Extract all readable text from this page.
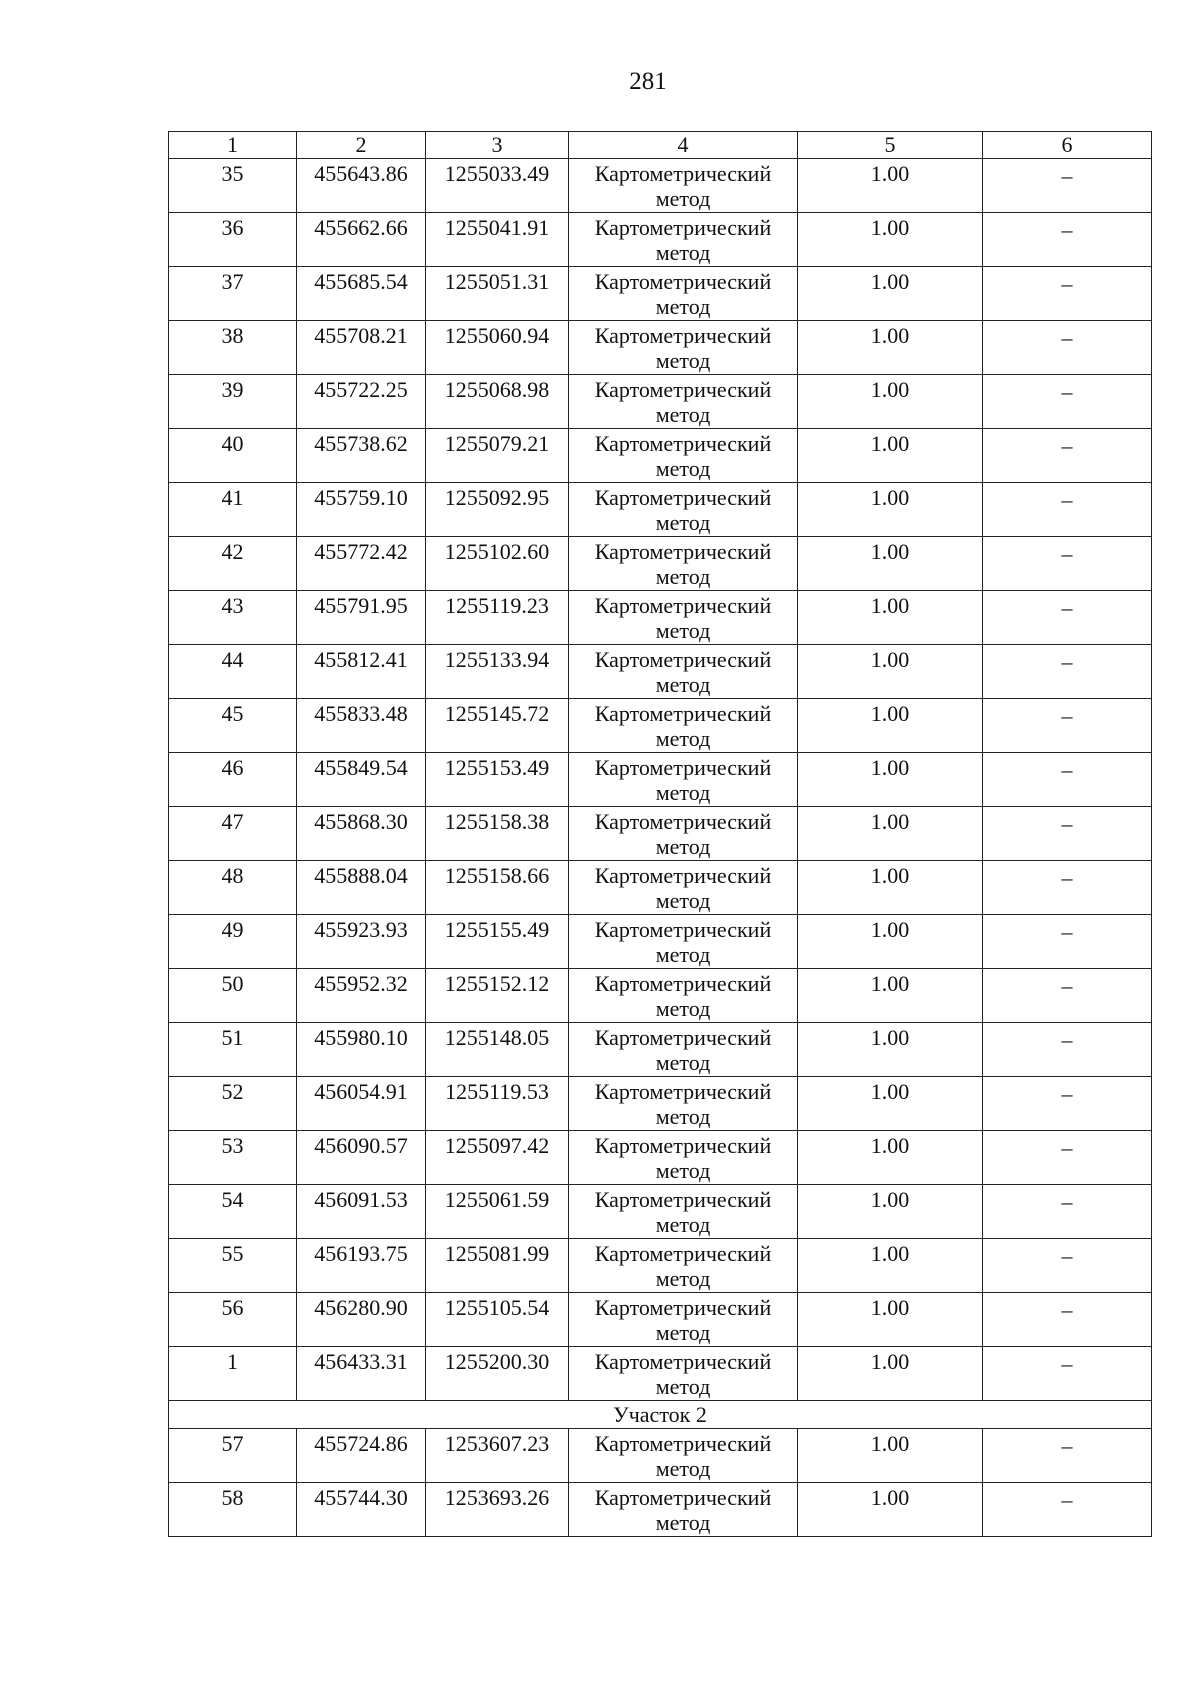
281
1	2	3	4	5	6
35	455643.86	1255033.49	Картометрический метод	1.00	–
36	455662.66	1255041.91	Картометрический метод	1.00	–
37	455685.54	1255051.31	Картометрический метод	1.00	–
38	455708.21	1255060.94	Картометрический метод	1.00	–
39	455722.25	1255068.98	Картометрический метод	1.00	–
40	455738.62	1255079.21	Картометрический метод	1.00	–
41	455759.10	1255092.95	Картометрический метод	1.00	–
42	455772.42	1255102.60	Картометрический метод	1.00	–
43	455791.95	1255119.23	Картометрический метод	1.00	–
44	455812.41	1255133.94	Картометрический метод	1.00	–
45	455833.48	1255145.72	Картометрический метод	1.00	–
46	455849.54	1255153.49	Картометрический метод	1.00	–
47	455868.30	1255158.38	Картометрический метод	1.00	–
48	455888.04	1255158.66	Картометрический метод	1.00	–
49	455923.93	1255155.49	Картометрический метод	1.00	–
50	455952.32	1255152.12	Картометрический метод	1.00	–
51	455980.10	1255148.05	Картометрический метод	1.00	–
52	456054.91	1255119.53	Картометрический метод	1.00	–
53	456090.57	1255097.42	Картометрический метод	1.00	–
54	456091.53	1255061.59	Картометрический метод	1.00	–
55	456193.75	1255081.99	Картометрический метод	1.00	–
56	456280.90	1255105.54	Картометрический метод	1.00	–
1	456433.31	1255200.30	Картометрический метод	1.00	–
Участок 2					
57	455724.86	1253607.23	Картометрический метод	1.00	–
58	455744.30	1253693.26	Картометрический метод	1.00	–
